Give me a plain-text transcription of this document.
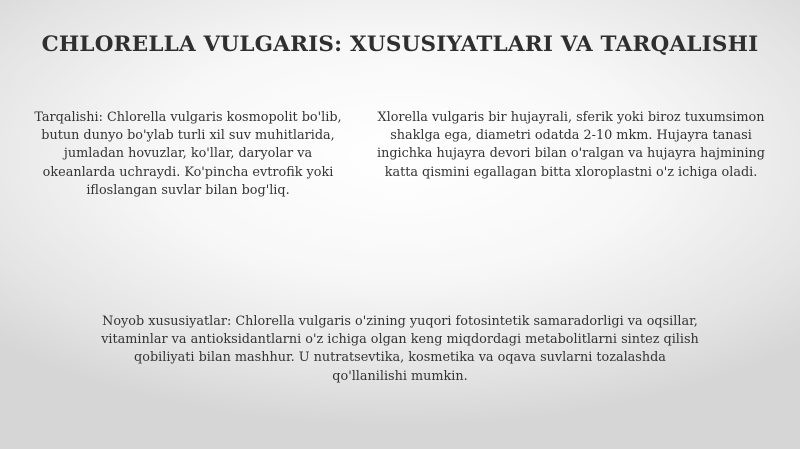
CHLORELLA VULGARIS: XUSUSIYATLARI VA TARQALISHI

Tarqalishi: Chlorella vulgaris kosmopolit bo'lib, butun dunyo bo'ylab turli xil suv muhitlarida, jumladan hovuzlar, ko'llar, daryolar va okeanlarda uchraydi. Ko'pincha evtrofik yoki ifloslangan suvlar bilan bog'liq.

Xlorella vulgaris bir hujayrali, sferik yoki biroz tuxumsimon shaklga ega, diametri odatda 2-10 mkm. Hujayra tanasi ingichka hujayra devori bilan o'ralgan va hujayra hajmining katta qismini egallagan bitta xloroplastni o'z ichiga oladi.

Noyob xususiyatlar: Chlorella vulgaris o'zining yuqori fotosintetik samaradorligi va oqsillar, vitaminlar va antioksidantlarni o'z ichiga olgan keng miqdordagi metabolitlarni sintez qilish qobiliyati bilan mashhur. U nutratsevtika, kosmetika va oqava suvlarni tozalashda qo'llanilishi mumkin.
